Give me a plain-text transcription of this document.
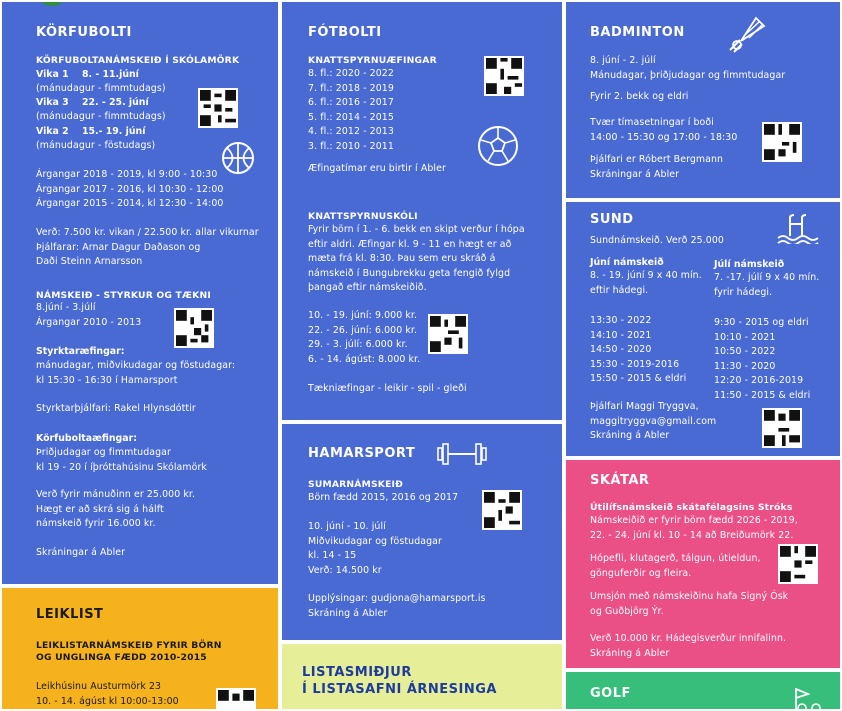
KÖRFUBOLTI
KÖRFUBOLTANÁMSKEIÐ Í SKÓLAMÖRK
Vika 1 8. - 11.júní
(mánudagur - fimmtudags)
Vika 3 22. - 25. júní
(mánudagur - fimmtudags)
Vika 2 15.- 19. júní
(mánudagur - föstudags)
Árgangar 2018 - 2019, kl 9:00 - 10:30
Árgangar 2017 - 2016, kl 10:30 - 12:00
Árgangar 2015 - 2014, kl 12:30 - 14:00
Verð: 7.500 kr. vikan / 22.500 kr. allar vikurnar
Þjálfarar: Arnar Dagur Daðason og
Daði Steinn Arnarsson
NÁMSKEIÐ - STYRKUR OG TÆKNI
8.júní - 3.júlí
Árgangar 2010 - 2013
Styrktaræfingar:
mánudagar, miðvikudagar og föstudagar:
kl 15:30 - 16:30 í Hamarsport
Styrktarþjálfari: Rakel Hlynsdóttir
Körfuboltaæfingar:
Þriðjudagar og fimmtudagar
kl 19 - 20 í íþróttahúsinu Skólamörk
Verð fyrir mánuðinn er 25.000 kr.
Hægt er að skrá sig á hálft
námskeið fyrir 16.000 kr.
Skráningar á Abler
LEIKLIST
LEIKLISTARNÁMSKEIÐ FYRIR BÖRN
OG UNGLINGA FÆDD 2010-2015
Leikhúsinu Austurmörk 23
10. - 14. ágúst kl 10:00-13:00
FÓTBOLTI
KNATTSPYRNUÆFINGAR
8. fl.: 2020 - 2022
7. fl.: 2018 - 2019
6. fl.: 2016 - 2017
5. fl.: 2014 - 2015
4. fl.: 2012 - 2013
3. fl.: 2010 - 2011
Æfingatímar eru birtir í Abler
KNATTSPYRNUSKÓLI
Fyrir börn í 1. - 6. bekk en skipt verður í hópa
eftir aldri. Æfingar kl. 9 - 11 en hægt er að
mæta frá kl. 8:30. Þau sem eru skráð á
námskeið í Bungubrekku geta fengið fylgd
þangað eftir námskeiðið.
10. - 19. júní: 9.000 kr.
22. - 26. júní: 6.000 kr.
29. - 3. júlí: 6.000 kr.
6. - 14. ágúst: 8.000 kr.
Tækniæfingar - leikir - spil - gleði
HAMARSPORT
SUMARNÁMSKEIÐ
Börn fædd 2015, 2016 og 2017
10. júní - 10. júlí
Miðvikudagar og föstudagar
kl. 14 - 15
Verð: 14.500 kr
Upplýsingar: gudjona@hamarsport.is
Skráning á Abler
LISTASMIÐJUR
Í LISTASAFNI ÁRNESINGA
BADMINTON
8. júní - 2. júlí
Mánudagar, þriðjudagar og fimmtudagar
Fyrir 2. bekk og eldri
Tvær tímasetningar í boði
14:00 - 15:30 og 17:00 - 18:30
Þjálfari er Róbert Bergmann
Skráningar á Abler
SUND
Sundnámskeið. Verð 25.000
Júní námskeið
8. - 19. júní 9 x 40 mín.
eftir hádegi.
Júlí námskeið
7. -17. júlí 9 x 40 mín.
fyrir hádegi.
13:30 - 2022
14:10 - 2021
14:50 - 2020
15:30 - 2019-2016
15:50 - 2015 & eldri
9:30 - 2015 og eldri
10:10 - 2021
10:50 - 2022
11:30 - 2020
12:20 - 2016-2019
11:50 - 2015 & eldri
Þjálfari Maggi Tryggva,
maggitryggva@gmail.com
Skráning á Abler
SKÁTAR
Útilífsnámskeið skátafélagsins Stróks
Námskeiðið er fyrir börn fædd 2026 - 2019,
22. - 24. júní kl. 10 - 14 að Breiðumörk 22.
Hópefli, klutagerð, tálgun, útieldun,
gönguferðir og fleira.
Umsjón með námskeiðinu hafa Signý Ósk
og Guðbjörg Ýr.
Verð 10.000 kr. Hádegisverður innifalinn.
Skráning á Abler
GOLF
